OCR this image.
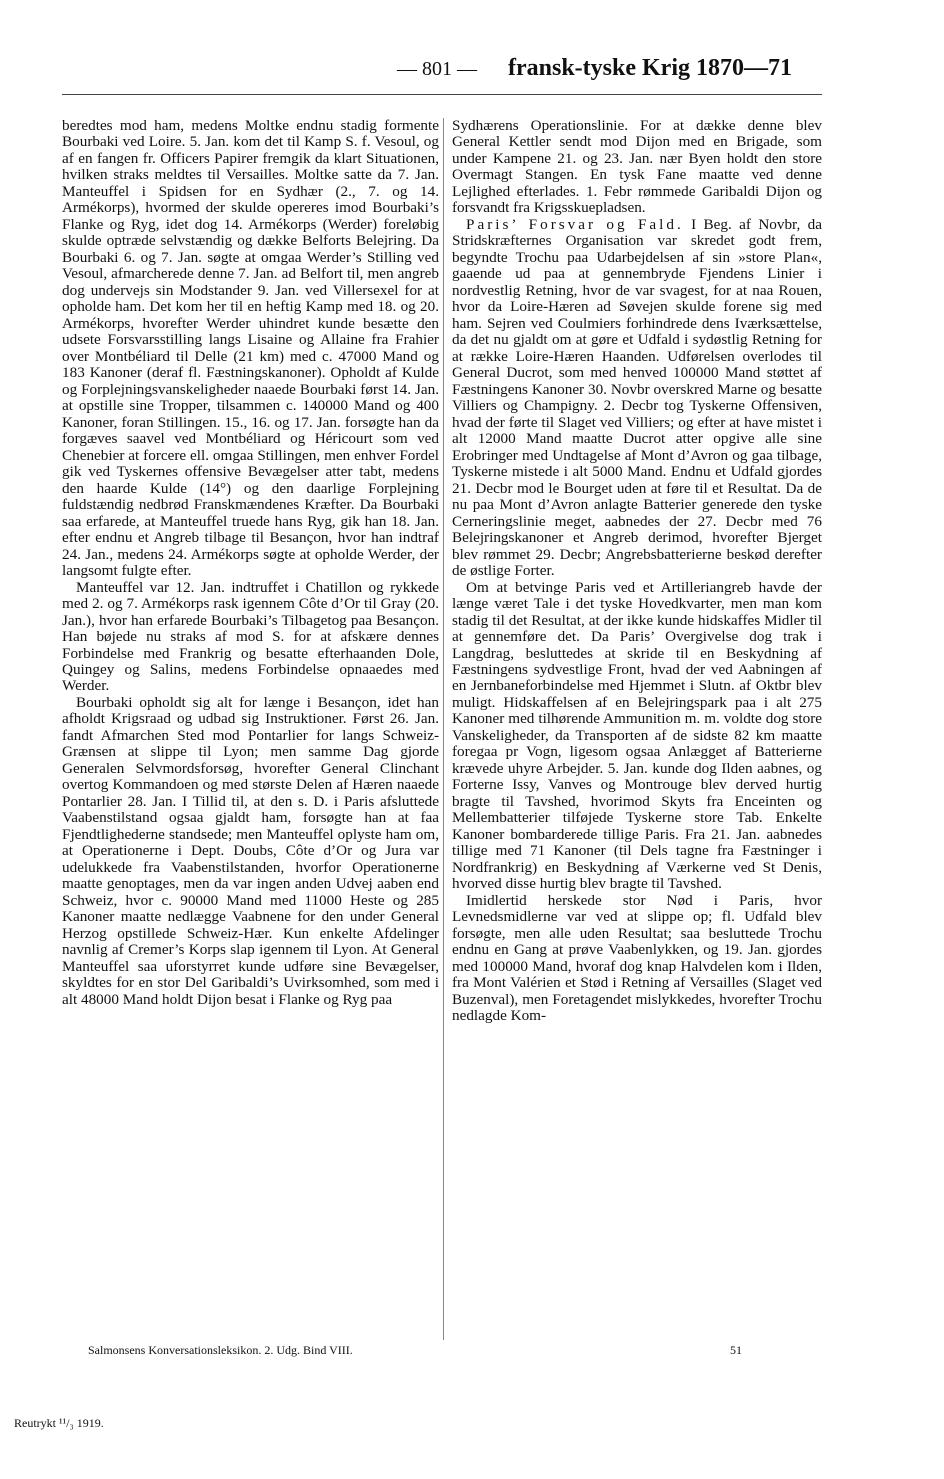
— 801 — fransk-tyske Krig 1870—71

beredtes mod ham, medens Moltke endnu stadig formente Bourbaki ved Loire. 5. Jan. kom det til Kamp S. f. Vesoul, og af en fangen fr. Officers Papirer fremgik da klart Situationen, hvilken straks meldtes til Versailles. Moltke satte da 7. Jan. Manteuffel i Spidsen for en Sydhær (2., 7. og 14. Armékorps), hvormed der skulde opereres imod Bourbaki’s Flanke og Ryg, idet dog 14. Armékorps (Werder) foreløbig skulde optræde selvstændig og dække Belforts Belejring. Da Bourbaki 6. og 7. Jan. søgte at omgaa Werder’s Stilling ved Vesoul, afmarcherede denne 7. Jan. ad Belfort til, men angreb dog undervejs sin Modstander 9. Jan. ved Villersexel for at opholde ham. Det kom her til en heftig Kamp med 18. og 20. Armékorps, hvorefter Werder uhindret kunde besætte den udsete Forsvarsstilling langs Lisaine og Allaine fra Frahier over Montbéliard til Delle (21 km) med c. 47000 Mand og 183 Kanoner (deraf fl. Fæstningskanoner). Opholdt af Kulde og Forplejningsvanskeligheder naaede Bourbaki først 14. Jan. at opstille sine Tropper, tilsammen c. 140000 Mand og 400 Kanoner, foran Stillingen. 15., 16. og 17. Jan. forsøgte han da forgæves saavel ved Montbéliard og Héricourt som ved Chenebier at forcere ell. omgaa Stillingen, men enhver Fordel gik ved Tyskernes offensive Bevægelser atter tabt, medens den haarde Kulde (14°) og den daarlige Forplejning fuldstændig nedbrød Franskmændenes Kræfter. Da Bourbaki saa erfarede, at Manteuffel truede hans Ryg, gik han 18. Jan. efter endnu et Angreb tilbage til Besançon, hvor han indtraf 24. Jan., medens 24. Armékorps søgte at opholde Werder, der langsomt fulgte efter.

Manteuffel var 12. Jan. indtruffet i Chatillon og rykkede med 2. og 7. Armékorps rask igennem Côte d’Or til Gray (20. Jan.), hvor han erfarede Bourbaki’s Tilbagetog paa Besançon. Han bøjede nu straks af mod S. for at afskære dennes Forbindelse med Frankrig og besatte efterhaanden Dole, Quingey og Salins, medens Forbindelse opnaaedes med Werder.

Bourbaki opholdt sig alt for længe i Besançon, idet han afholdt Krigsraad og udbad sig Instruktioner. Først 26. Jan. fandt Afmarchen Sted mod Pontarlier for langs Schweiz-Grænsen at slippe til Lyon; men samme Dag gjorde Generalen Selvmordsforsøg, hvorefter General Clinchant overtog Kommandoen og med største Delen af Hæren naaede Pontarlier 28. Jan. I Tillid til, at den s. D. i Paris afsluttede Vaabenstilstand ogsaa gjaldt ham, forsøgte han at faa Fjendtlighederne standsede; men Manteuffel oplyste ham om, at Operationerne i Dept. Doubs, Côte d’Or og Jura var udelukkede fra Vaabenstilstanden, hvorfor Operationerne maatte genoptages, men da var ingen anden Udvej aaben end Schweiz, hvor c. 90000 Mand med 11000 Heste og 285 Kanoner maatte nedlægge Vaabnene for den under General Herzog opstillede Schweiz-Hær. Kun enkelte Afdelinger navnlig af Cremer’s Korps slap igennem til Lyon. At General Manteuffel saa uforstyrret kunde udføre sine Bevægelser, skyldtes for en stor Del Garibaldi’s Uvirksomhed, som med i alt 48000 Mand holdt Dijon besat i Flanke og Ryg paa

Sydhærens Operationslinie. For at dække denne blev General Kettler sendt mod Dijon med en Brigade, som under Kampene 21. og 23. Jan. nær Byen holdt den store Overmagt Stangen. En tysk Fane maatte ved denne Lejlighed efterlades. 1. Febr rømmede Garibaldi Dijon og forsvandt fra Krigsskuepladsen.

Paris’ Forsvar og Fald. I Beg. af Novbr, da Stridskræfternes Organisation var skredet godt frem, begyndte Trochu paa Udarbejdelsen af sin »store Plan«, gaaende ud paa at gennembryde Fjendens Linier i nordvestlig Retning, hvor de var svagest, for at naa Rouen, hvor da Loire-Hæren ad Søvejen skulde forene sig med ham. Sejren ved Coulmiers forhindrede dens Iværksættelse, da det nu gjaldt om at gøre et Udfald i sydøstlig Retning for at række Loire-Hæren Haanden. Udførelsen overlodes til General Ducrot, som med henved 100000 Mand støttet af Fæstningens Kanoner 30. Novbr overskred Marne og besatte Villiers og Champigny. 2. Decbr tog Tyskerne Offensiven, hvad der førte til Slaget ved Villiers; og efter at have mistet i alt 12000 Mand maatte Ducrot atter opgive alle sine Erobringer med Undtagelse af Mont d’Avron og gaa tilbage, Tyskerne mistede i alt 5000 Mand. Endnu et Udfald gjordes 21. Decbr mod le Bourget uden at føre til et Resultat. Da de nu paa Mont d’Avron anlagte Batterier generede den tyske Cerneringslinie meget, aabnedes der 27. Decbr med 76 Belejringskanoner et Angreb derimod, hvorefter Bjerget blev rømmet 29. Decbr; Angrebsbatterierne beskød derefter de østlige Forter.

Om at betvinge Paris ved et Artilleriangreb havde der længe været Tale i det tyske Hovedkvarter, men man kom stadig til det Resultat, at der ikke kunde hidskaffes Midler til at gennemføre det. Da Paris’ Overgivelse dog trak i Langdrag, besluttedes at skride til en Beskydning af Fæstningens sydvestlige Front, hvad der ved Aabningen af en Jernbaneforbindelse med Hjemmet i Slutn. af Oktbr blev muligt. Hidskaffelsen af en Belejringspark paa i alt 275 Kanoner med tilhørende Ammunition m. m. voldte dog store Vanskeligheder, da Transporten af de sidste 82 km maatte foregaa pr Vogn, ligesom ogsaa Anlægget af Batterierne krævede uhyre Arbejder. 5. Jan. kunde dog Ilden aabnes, og Forterne Issy, Vanves og Montrouge blev derved hurtig bragte til Tavshed, hvorimod Skyts fra Enceinten og Mellembatterier tilføjede Tyskerne store Tab. Enkelte Kanoner bombarderede tillige Paris. Fra 21. Jan. aabnedes tillige med 71 Kanoner (til Dels tagne fra Fæstninger i Nordfrankrig) en Beskydning af Værkerne ved St Denis, hvorved disse hurtig blev bragte til Tavshed.

Imidlertid herskede stor Nød i Paris, hvor Levnedsmidlerne var ved at slippe op; fl. Udfald blev forsøgte, men alle uden Resultat; saa besluttede Trochu endnu en Gang at prøve Vaabenlykken, og 19. Jan. gjordes med 100000 Mand, hvoraf dog knap Halvdelen kom i Ilden, fra Mont Valérien et Stød i Retning af Versailles (Slaget ved Buzenval), men Foretagendet mislykkedes, hvorefter Trochu nedlagde Kom-

Salmonsens Konversationsleksikon. 2. Udg. Bind VIII.	51
Reutrykt ¹¹/₃ 1919.
